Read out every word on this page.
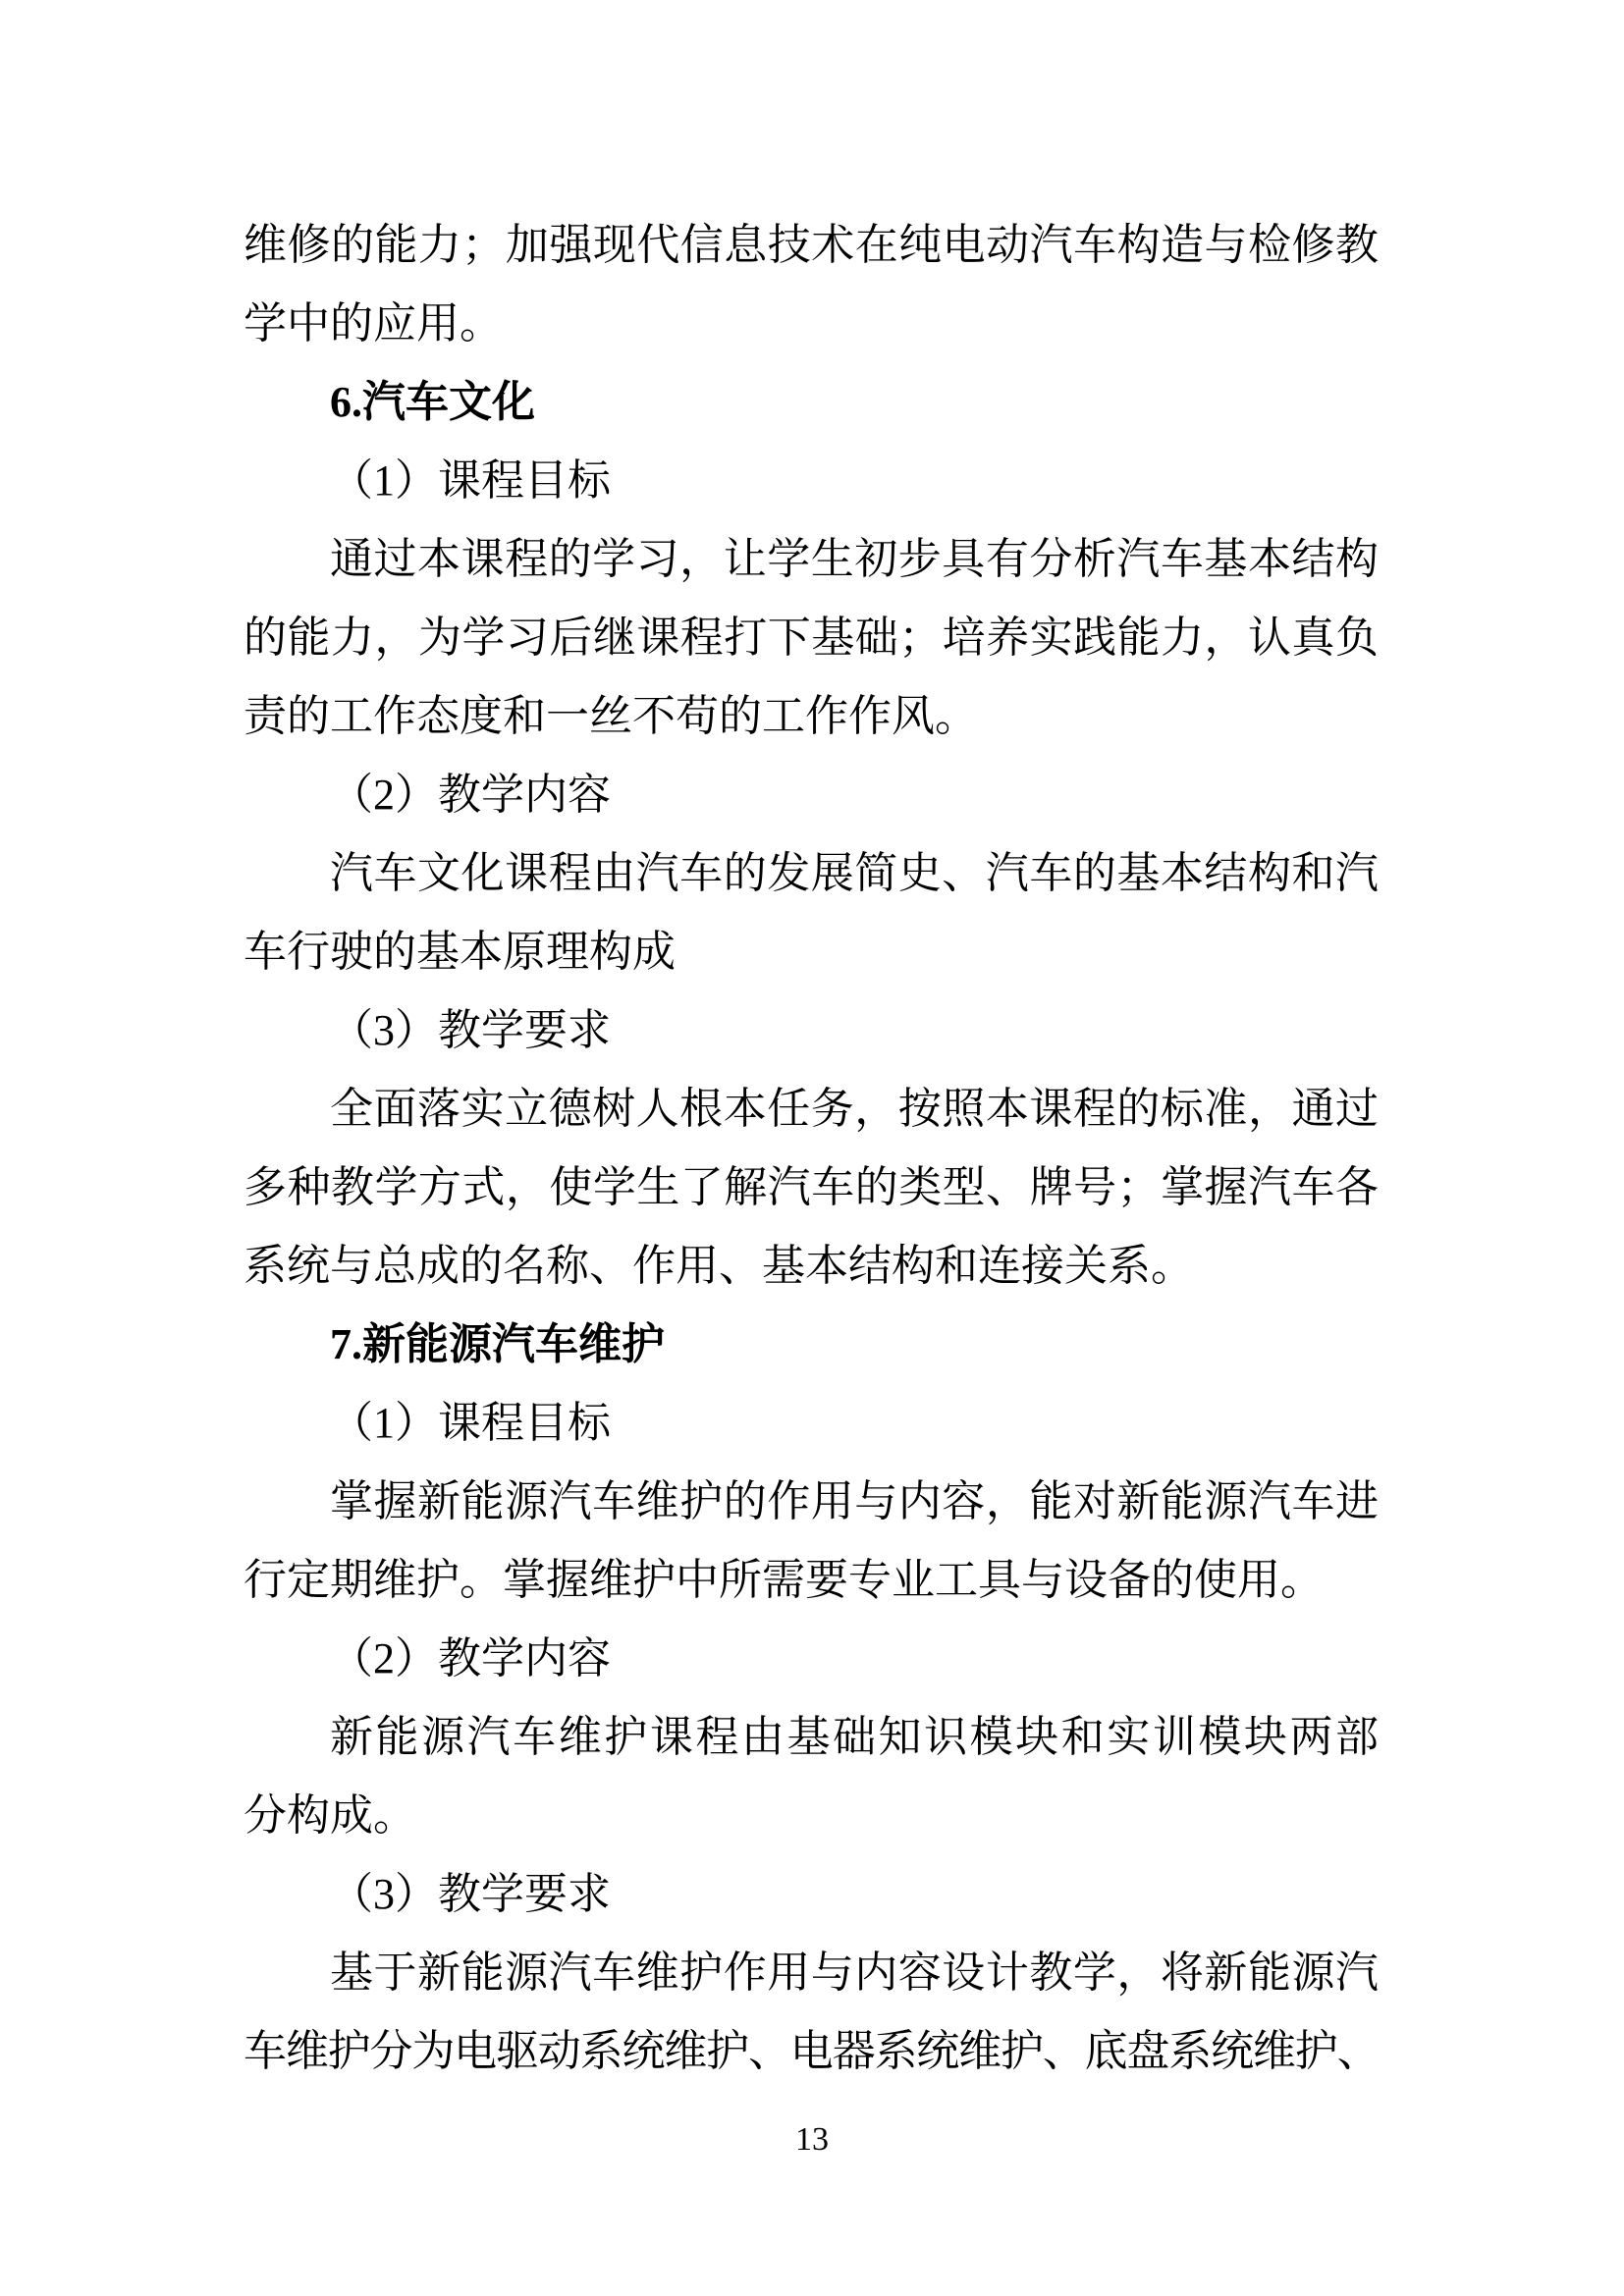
维修的能力；加强现代信息技术在纯电动汽车构造与检修教
学中的应用。
6.汽车文化
（1）课程目标
通过本课程的学习，让学生初步具有分析汽车基本结构
的能力，为学习后继课程打下基础；培养实践能力，认真负
责的工作态度和一丝不苟的工作作风。
（2）教学内容
汽车文化课程由汽车的发展简史、汽车的基本结构和汽
车行驶的基本原理构成
（3）教学要求
全面落实立德树人根本任务，按照本课程的标准，通过
多种教学方式，使学生了解汽车的类型、牌号；掌握汽车各
系统与总成的名称、作用、基本结构和连接关系。
7.新能源汽车维护
（1）课程目标
掌握新能源汽车维护的作用与内容，能对新能源汽车进
行定期维护。掌握维护中所需要专业工具与设备的使用。
（2）教学内容
新能源汽车维护课程由基础知识模块和实训模块两部
分构成。
（3）教学要求
基于新能源汽车维护作用与内容设计教学，将新能源汽
车维护分为电驱动系统维护、电器系统维护、底盘系统维护、
13
